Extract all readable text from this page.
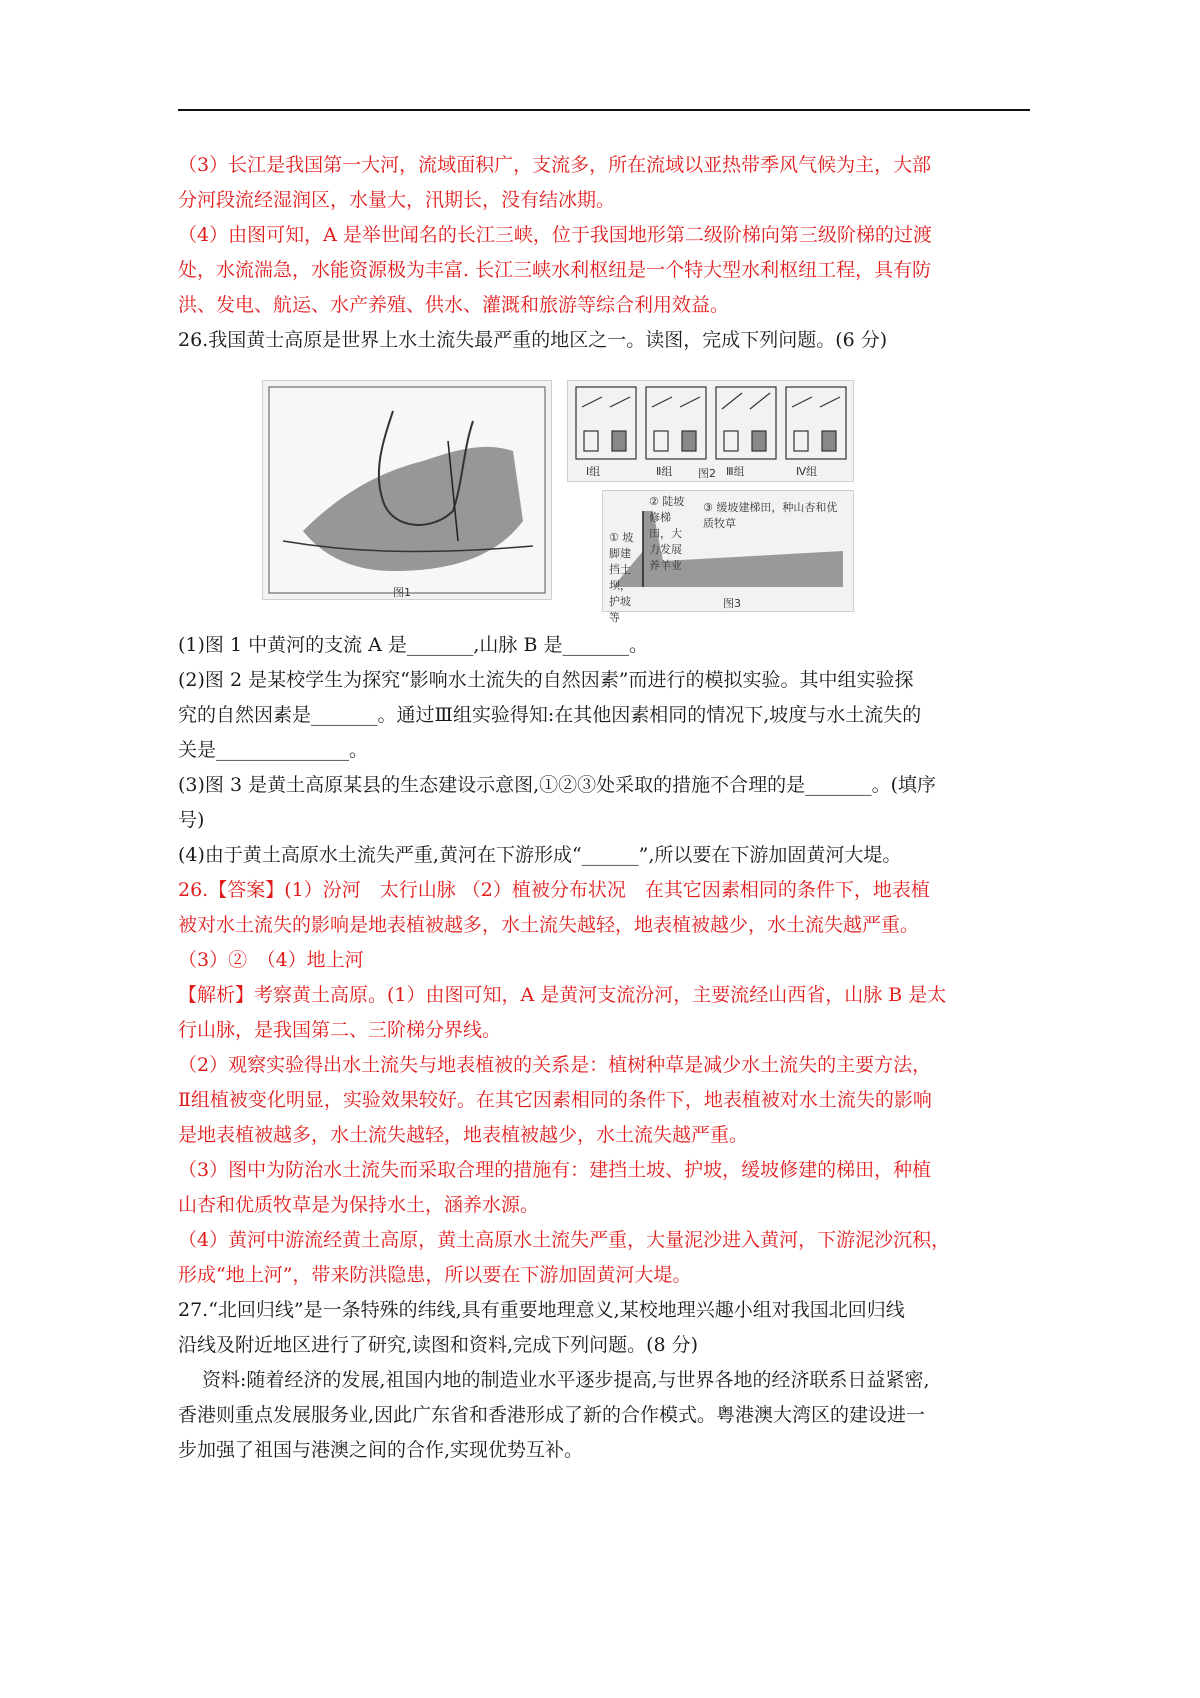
（3）长江是我国第一大河，流域面积广，支流多，所在流域以亚热带季风气候为主，大部

分河段流经湿润区，水量大，汛期长，没有结冰期。

（4）由图可知，A 是举世闻名的长江三峡，位于我国地形第二级阶梯向第三级阶梯的过渡

处，水流湍急，水能资源极为丰富. 长江三峡水利枢纽是一个特大型水利枢纽工程，具有防

洪、发电、航运、水产养殖、供水、灌溉和旅游等综合利用效益。

26.我国黄士高原是世界上水土流失最严重的地区之一。读图，完成下列问题。(6 分)

图1
Ⅰ组	Ⅱ组	Ⅲ组	Ⅳ组
图2
① 坡脚建挡土坝，护坡等
② 陡坡修梯田，大力发展养羊业
③ 缓坡建梯田，种山杏和优质牧草
图3

(1)图 1 中黄河的支流 A 是_______,山脉 B 是_______。

(2)图 2 是某校学生为探究“影响水土流失的自然因素”而进行的模拟实验。其中组实验探

究的自然因素是_______。通过Ⅲ组实验得知:在其他因素相同的情况下,坡度与水土流失的

关是______________。

(3)图 3 是黄土高原某县的生态建设示意图,①②③处采取的措施不合理的是_______。(填序

号)

(4)由于黄土高原水土流失严重,黄河在下游形成“______”,所以要在下游加固黄河大堤。

26.【答案】(1）汾河　太行山脉 （2）植被分布状况　在其它因素相同的条件下，地表植

被对水土流失的影响是地表植被越多，水土流失越轻，地表植被越少，水土流失越严重。

（3）②　（4）地上河

【解析】考察黄土高原。(1）由图可知，A 是黄河支流汾河，主要流经山西省，山脉 B 是太

行山脉，是我国第二、三阶梯分界线。

（2）观察实验得出水土流失与地表植被的关系是：植树种草是减少水土流失的主要方法，

Ⅱ组植被变化明显，实验效果较好。在其它因素相同的条件下，地表植被对水土流失的影响

是地表植被越多，水土流失越轻，地表植被越少，水土流失越严重。

（3）图中为防治水土流失而采取合理的措施有：建挡土坡、护坡，缓坡修建的梯田，种植

山杏和优质牧草是为保持水土，涵养水源。

（4）黄河中游流经黄土高原，黄土高原水土流失严重，大量泥沙进入黄河，下游泥沙沉积，

形成“地上河”，带来防洪隐患，所以要在下游加固黄河大堤。

27.“北回归线”是一条特殊的纬线,具有重要地理意义,某校地理兴趣小组对我国北回归线

沿线及附近地区进行了研究,读图和资料,完成下列问题。(8 分)

资料:随着经济的发展,祖国内地的制造业水平逐步提高,与世界各地的经济联系日益紧密,

香港则重点发展服务业,因此广东省和香港形成了新的合作模式。粤港澳大湾区的建设进一

步加强了祖国与港澳之间的合作,实现优势互补。
